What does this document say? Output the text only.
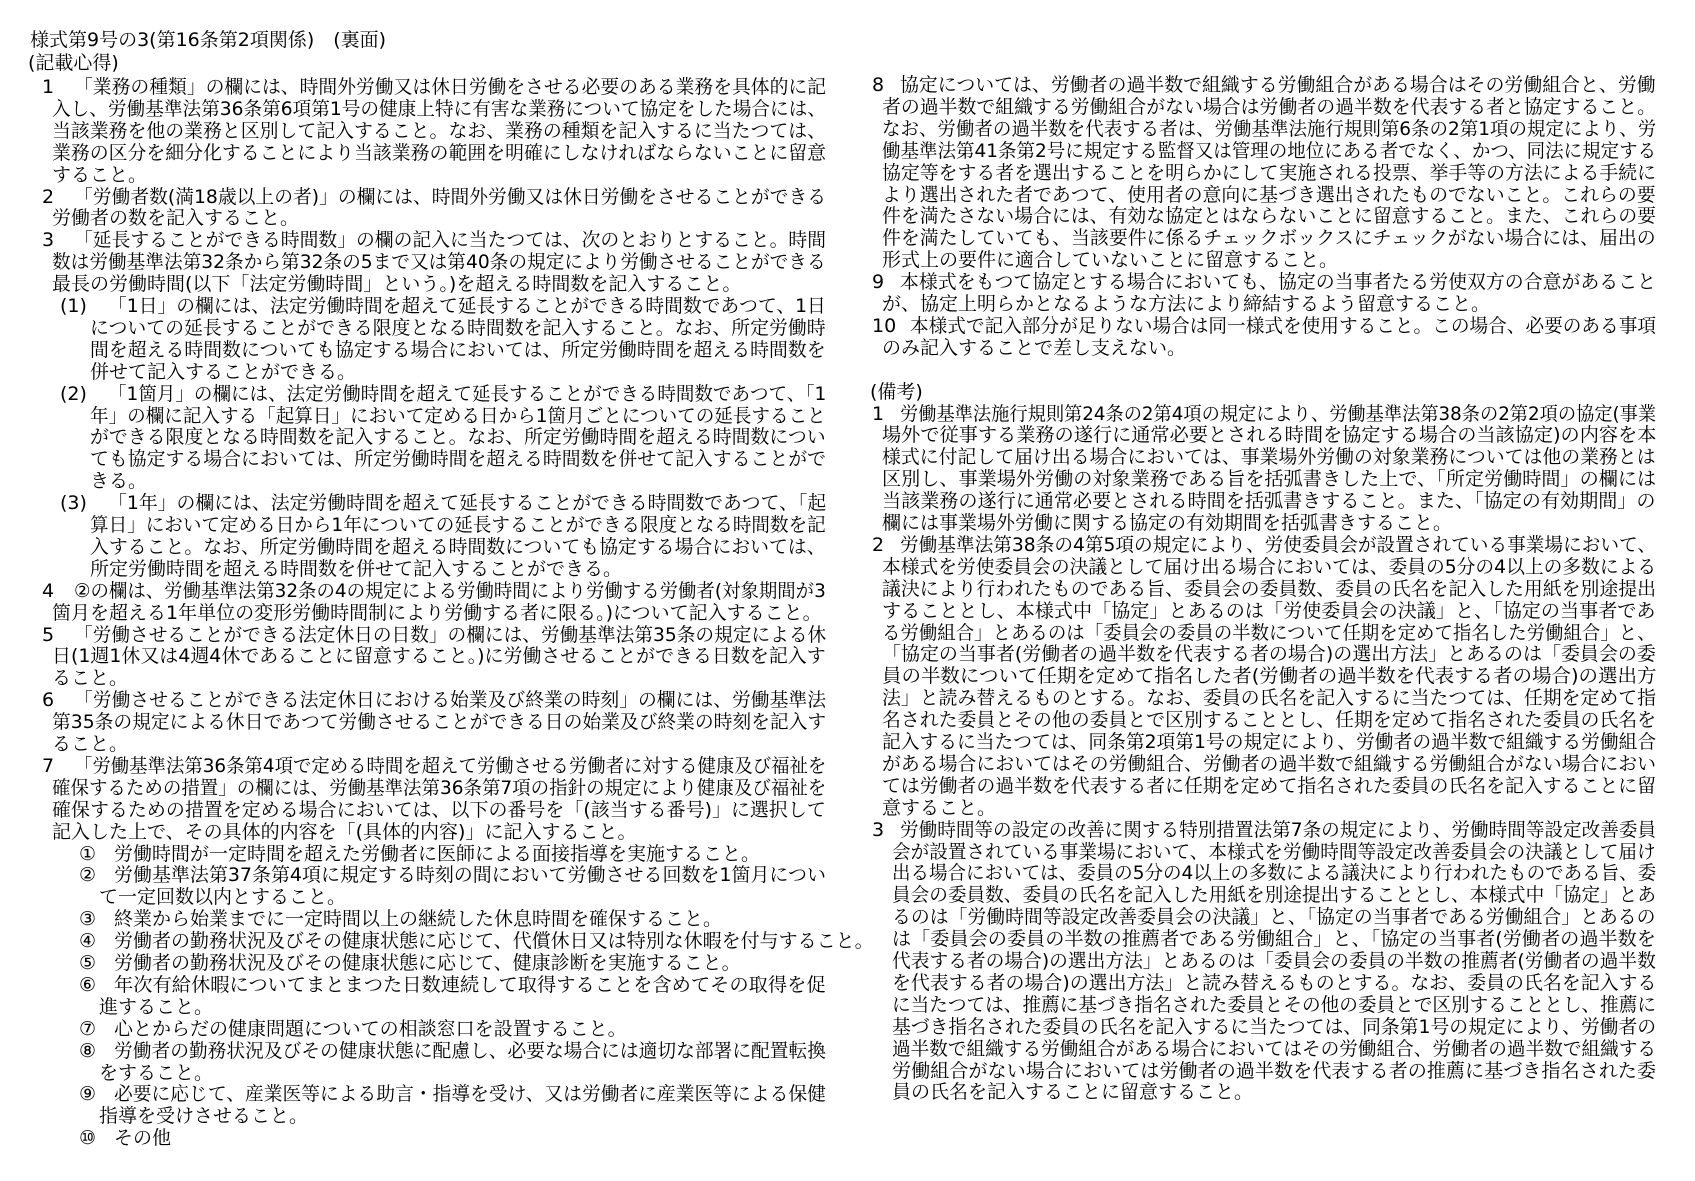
様式第9号の3(第16条第2項関係)　(裏面)
(記載心得)
1 「業務の種類」の欄には、時間外労働又は休日労働をさせる必要のある業務を具体的に記
入し、労働基準法第36条第6項第1号の健康上特に有害な業務について協定をした場合には、
当該業務を他の業務と区別して記入すること。なお、業務の種類を記入するに当たつては、
業務の区分を細分化することにより当該業務の範囲を明確にしなければならないことに留意
すること。
2 「労働者数(満18歳以上の者)」の欄には、時間外労働又は休日労働をさせることができる
労働者の数を記入すること。
3 「延長することができる時間数」の欄の記入に当たつては、次のとおりとすること。時間
数は労働基準法第32条から第32条の5まで又は第40条の規定により労働させることができる
最長の労働時間(以下「法定労働時間」という。)を超える時間数を記入すること。
(1) 「1日」の欄には、法定労働時間を超えて延長することができる時間数であつて、1日
についての延長することができる限度となる時間数を記入すること。なお、所定労働時
間を超える時間数についても協定する場合においては、所定労働時間を超える時間数を
併せて記入することができる。
(2) 「1箇月」の欄には、法定労働時間を超えて延長することができる時間数であつて、「1
年」の欄に記入する「起算日」において定める日から1箇月ごとについての延長すること
ができる限度となる時間数を記入すること。なお、所定労働時間を超える時間数につい
ても協定する場合においては、所定労働時間を超える時間数を併せて記入することがで
きる。
(3) 「1年」の欄には、法定労働時間を超えて延長することができる時間数であつて、「起
算日」において定める日から1年についての延長することができる限度となる時間数を記
入すること。なお、所定労働時間を超える時間数についても協定する場合においては、
所定労働時間を超える時間数を併せて記入することができる。
4 ②の欄は、労働基準法第32条の4の規定による労働時間により労働する労働者(対象期間が3
箇月を超える1年単位の変形労働時間制により労働する者に限る。)について記入すること。
5 「労働させることができる法定休日の日数」の欄には、労働基準法第35条の規定による休
日(1週1休又は4週4休であることに留意すること。)に労働させることができる日数を記入す
ること。
6 「労働させることができる法定休日における始業及び終業の時刻」の欄には、労働基準法
第35条の規定による休日であつて労働させることができる日の始業及び終業の時刻を記入す
ること。
7 「労働基準法第36条第4項で定める時間を超えて労働させる労働者に対する健康及び福祉を
確保するための措置」の欄には、労働基準法第36条第7項の指針の規定により健康及び福祉を
確保するための措置を定める場合においては、以下の番号を「(該当する番号)」に選択して
記入した上で、その具体的内容を「(具体的内容)」に記入すること。
① 労働時間が一定時間を超えた労働者に医師による面接指導を実施すること。
② 労働基準法第37条第4項に規定する時刻の間において労働させる回数を1箇月につい
て一定回数以内とすること。
③ 終業から始業までに一定時間以上の継続した休息時間を確保すること。
④ 労働者の勤務状況及びその健康状態に応じて、代償休日又は特別な休暇を付与すること。
⑤ 労働者の勤務状況及びその健康状態に応じて、健康診断を実施すること。
⑥ 年次有給休暇についてまとまつた日数連続して取得することを含めてその取得を促
進すること。
⑦ 心とからだの健康問題についての相談窓口を設置すること。
⑧ 労働者の勤務状況及びその健康状態に配慮し、必要な場合には適切な部署に配置転換
をすること。
⑨ 必要に応じて、産業医等による助言・指導を受け、又は労働者に産業医等による保健
指導を受けさせること。
⑩ その他
8 協定については、労働者の過半数で組織する労働組合がある場合はその労働組合と、労働
者の過半数で組織する労働組合がない場合は労働者の過半数を代表する者と協定すること。
なお、労働者の過半数を代表する者は、労働基準法施行規則第6条の2第1項の規定により、労
働基準法第41条第2号に規定する監督又は管理の地位にある者でなく、かつ、同法に規定する
協定等をする者を選出することを明らかにして実施される投票、挙手等の方法による手続に
より選出された者であつて、使用者の意向に基づき選出されたものでないこと。これらの要
件を満たさない場合には、有効な協定とはならないことに留意すること。また、これらの要
件を満たしていても、当該要件に係るチェックボックスにチェックがない場合には、届出の
形式上の要件に適合していないことに留意すること。
9 本様式をもつて協定とする場合においても、協定の当事者たる労使双方の合意があること
が、協定上明らかとなるような方法により締結するよう留意すること。
10 本様式で記入部分が足りない場合は同一様式を使用すること。この場合、必要のある事項
のみ記入することで差し支えない。
(備考)
1 労働基準法施行規則第24条の2第4項の規定により、労働基準法第38条の2第2項の協定(事業
場外で従事する業務の遂行に通常必要とされる時間を協定する場合の当該協定)の内容を本
様式に付記して届け出る場合においては、事業場外労働の対象業務については他の業務とは
区別し、事業場外労働の対象業務である旨を括弧書きした上で、「所定労働時間」の欄には
当該業務の遂行に通常必要とされる時間を括弧書きすること。また、「協定の有効期間」の
欄には事業場外労働に関する協定の有効期間を括弧書きすること。
2 労働基準法第38条の4第5項の規定により、労使委員会が設置されている事業場において、
本様式を労使委員会の決議として届け出る場合においては、委員の5分の4以上の多数による
議決により行われたものである旨、委員会の委員数、委員の氏名を記入した用紙を別途提出
することとし、本様式中「協定」とあるのは「労使委員会の決議」と、「協定の当事者であ
る労働組合」とあるのは「委員会の委員の半数について任期を定めて指名した労働組合」と、
「協定の当事者(労働者の過半数を代表する者の場合)の選出方法」とあるのは「委員会の委
員の半数について任期を定めて指名した者(労働者の過半数を代表する者の場合)の選出方
法」と読み替えるものとする。なお、委員の氏名を記入するに当たつては、任期を定めて指
名された委員とその他の委員とで区別することとし、任期を定めて指名された委員の氏名を
記入するに当たつては、同条第2項第1号の規定により、労働者の過半数で組織する労働組合
がある場合においてはその労働組合、労働者の過半数で組織する労働組合がない場合におい
ては労働者の過半数を代表する者に任期を定めて指名された委員の氏名を記入することに留
意すること。
3 労働時間等の設定の改善に関する特別措置法第7条の規定により、労働時間等設定改善委員
会が設置されている事業場において、本様式を労働時間等設定改善委員会の決議として届け
出る場合においては、委員の5分の4以上の多数による議決により行われたものである旨、委
員会の委員数、委員の氏名を記入した用紙を別途提出することとし、本様式中「協定」とあ
るのは「労働時間等設定改善委員会の決議」と、「協定の当事者である労働組合」とあるの
は「委員会の委員の半数の推薦者である労働組合」と、「協定の当事者(労働者の過半数を
代表する者の場合)の選出方法」とあるのは「委員会の委員の半数の推薦者(労働者の過半数
を代表する者の場合)の選出方法」と読み替えるものとする。なお、委員の氏名を記入する
に当たつては、推薦に基づき指名された委員とその他の委員とで区別することとし、推薦に
基づき指名された委員の氏名を記入するに当たつては、同条第1号の規定により、労働者の
過半数で組織する労働組合がある場合においてはその労働組合、労働者の過半数で組織する
労働組合がない場合においては労働者の過半数を代表する者の推薦に基づき指名された委
員の氏名を記入することに留意すること。
